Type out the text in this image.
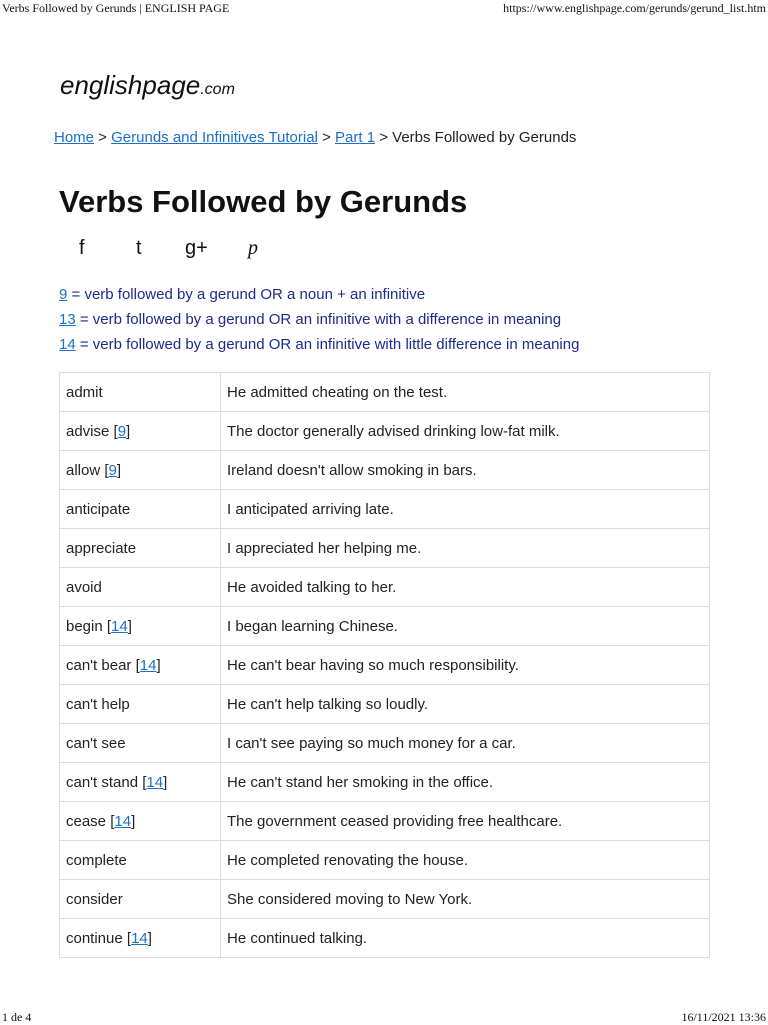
Verbs Followed by Gerunds | ENGLISH PAGE	https://www.englishpage.com/gerunds/gerund_list.htm
englishpage.com
Home > Gerunds and Infinitives Tutorial > Part 1 > Verbs Followed by Gerunds
Verbs Followed by Gerunds
f	t g+ p
9 = verb followed by a gerund OR a noun + an infinitive
13 = verb followed by a gerund OR an infinitive with a difference in meaning
14 = verb followed by a gerund OR an infinitive with little difference in meaning
admit	He admitted cheating on the test.
advise [9]	The doctor generally advised drinking low-fat milk.
allow [9]	Ireland doesn't allow smoking in bars.
anticipate	I anticipated arriving late.
appreciate	I appreciated her helping me.
avoid	He avoided talking to her.
begin [14]	I began learning Chinese.
can't bear [14]	He can't bear having so much responsibility.
can't help	He can't help talking so loudly.
can't see	I can't see paying so much money for a car.
can't stand [14]	He can't stand her smoking in the office.
cease [14]	The government ceased providing free healthcare.
complete	He completed renovating the house.
consider	She considered moving to New York.
continue [14]	He continued talking.
1 de 4	16/11/2021 13:36
